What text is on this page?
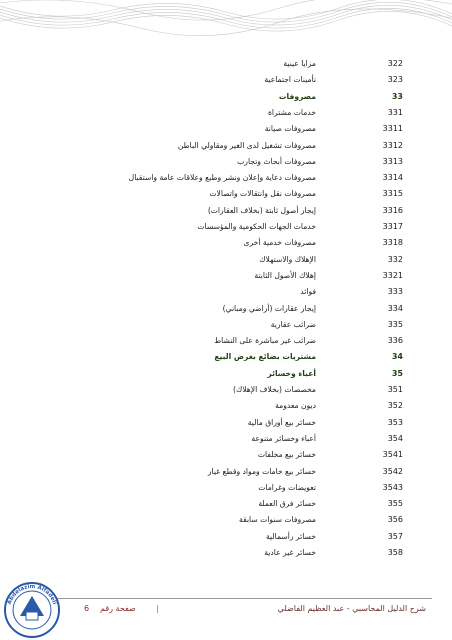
322
مزايا عينية
323
تأمينات اجتماعية
33
مصروفات
331
خدمات مشتراة
3311
مصروفات صيانة
3312
مصروفات تشغيل لدى الغير ومقاولي الباطن
3313
مصروفات أبحاث وتجارب
3314
مصروفات دعاية وإعلان ونشر وطبع وعلاقات عامة واستقبال
3315
مصروفات نقل وانتقالات واتصالات
3316
إيجار أصول ثابتة (بخلاف العقارات)
3317
خدمات الجهات الحكومية والمؤسسات
3318
مصروفات خدمية أخرى
332
الإهلاك والاستهلاك
3321
إهلاك الأصول الثابتة
333
فوائد
334
إيجار عقارات (أراضي ومباني)
335
ضرائب عقارية
336
ضرائب غير مباشرة على النشاط
34
مشتريات بضائع بغرض البيع
35
أعباء وخسائر
351
مخصصات (بخلاف الإهلاك)
352
ديون معدومة
353
خسائر بيع أوراق مالية
354
أعباء وخسائر متنوعة
3541
خسائر بيع مخلفات
3542
خسائر بيع خامات ومواد وقطع غيار
3543
تعويضات وغرامات
355
خسائر فرق العملة
356
مصروفات سنوات سابقة
357
خسائر رأسمالية
358
خسائر غير عادية
شرح الدليل المحاسبي - عبد العظيم الفاضلي
|
صفحة رقم
6
Abdelazim Alfadeli
